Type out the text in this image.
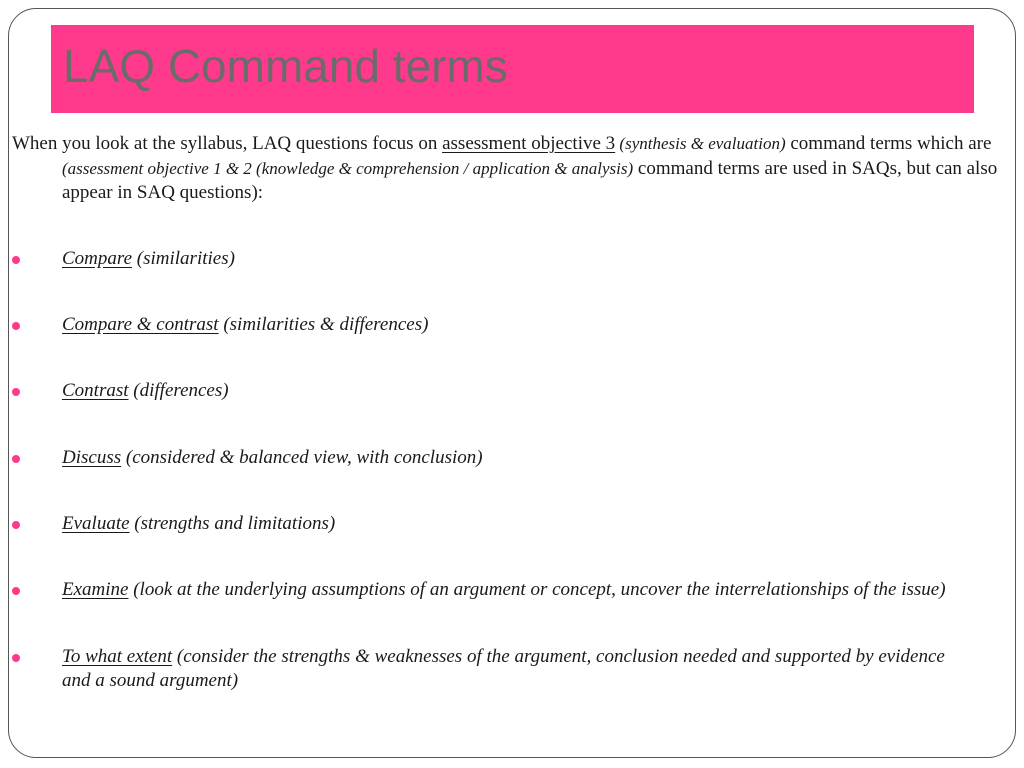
LAQ Command terms
When you look at the syllabus, LAQ questions focus on assessment objective 3 (synthesis & evaluation) command terms which are (assessment objective 1 & 2 (knowledge & comprehension / application & analysis) command terms are used in SAQs, but can also appear in SAQ questions):
Compare (similarities)
Compare & contrast (similarities & differences)
Contrast (differences)
Discuss (considered & balanced view, with conclusion)
Evaluate (strengths and limitations)
Examine (look at the underlying assumptions of an argument or concept, uncover the interrelationships of the issue)
To what extent (consider the strengths & weaknesses of the argument, conclusion needed and supported by evidence and a sound argument)
